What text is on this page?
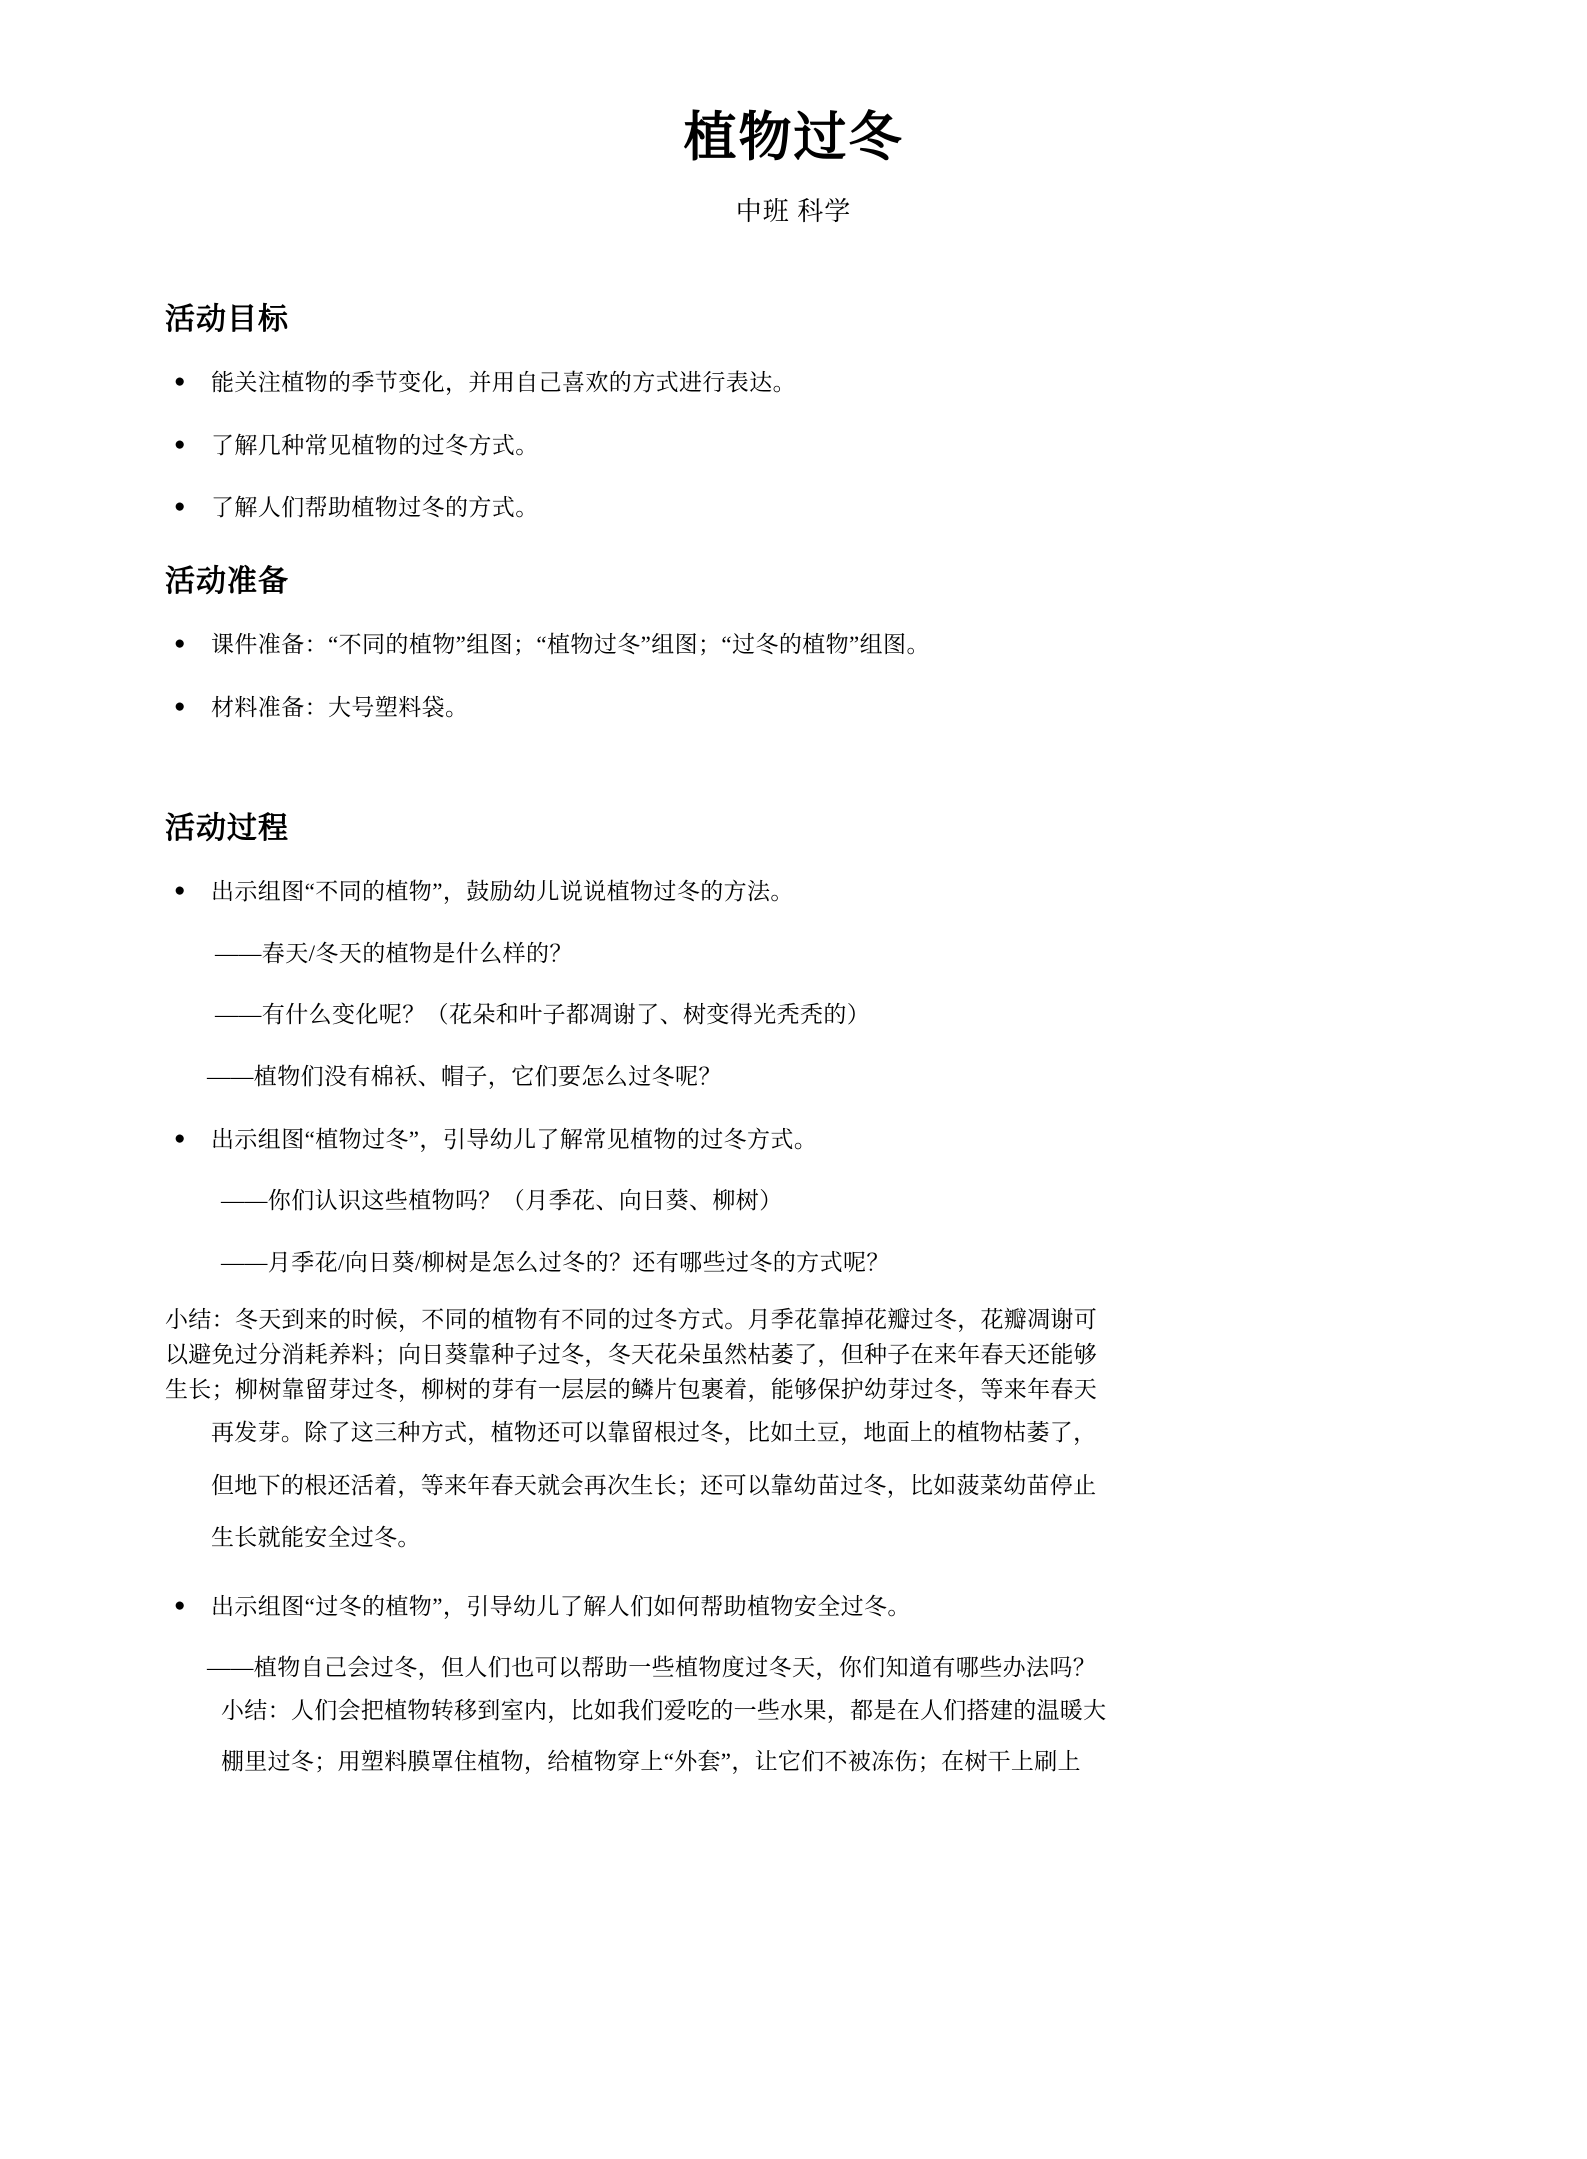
植物过冬
中班 科学
活动目标
●	能关注植物的季节变化，并用自己喜欢的方式进行表达。
●	了解几种常见植物的过冬方式。
●	了解人们帮助植物过冬的方式。
活动准备
●	课件准备：“不同的植物”组图；“植物过冬”组图；“过冬的植物”组图。
●	材料准备：大号塑料袋。
活动过程
●	出示组图“不同的植物”，鼓励幼儿说说植物过冬的方法。
——春天/冬天的植物是什么样的？
——有什么变化呢？（花朵和叶子都凋谢了、树变得光秃秃的）
——植物们没有棉袄、帽子，它们要怎么过冬呢？
●	出示组图“植物过冬”，引导幼儿了解常见植物的过冬方式。
——你们认识这些植物吗？（月季花、向日葵、柳树）
——月季花/向日葵/柳树是怎么过冬的？还有哪些过冬的方式呢？
小结：冬天到来的时候，不同的植物有不同的过冬方式。月季花靠掉花瓣过冬，花瓣凋谢可
以避免过分消耗养料；向日葵靠种子过冬，冬天花朵虽然枯萎了，但种子在来年春天还能够
生长；柳树靠留芽过冬，柳树的芽有一层层的鳞片包裹着，能够保护幼芽过冬，等来年春天
再发芽。除了这三种方式，植物还可以靠留根过冬，比如土豆，地面上的植物枯萎了，
但地下的根还活着，等来年春天就会再次生长；还可以靠幼苗过冬，比如菠菜幼苗停止
生长就能安全过冬。
●	出示组图“过冬的植物”，引导幼儿了解人们如何帮助植物安全过冬。
——植物自己会过冬，但人们也可以帮助一些植物度过冬天，你们知道有哪些办法吗？
小结：人们会把植物转移到室内，比如我们爱吃的一些水果，都是在人们搭建的温暖大
棚里过冬；用塑料膜罩住植物，给植物穿上“外套”，让它们不被冻伤；在树干上刷上
